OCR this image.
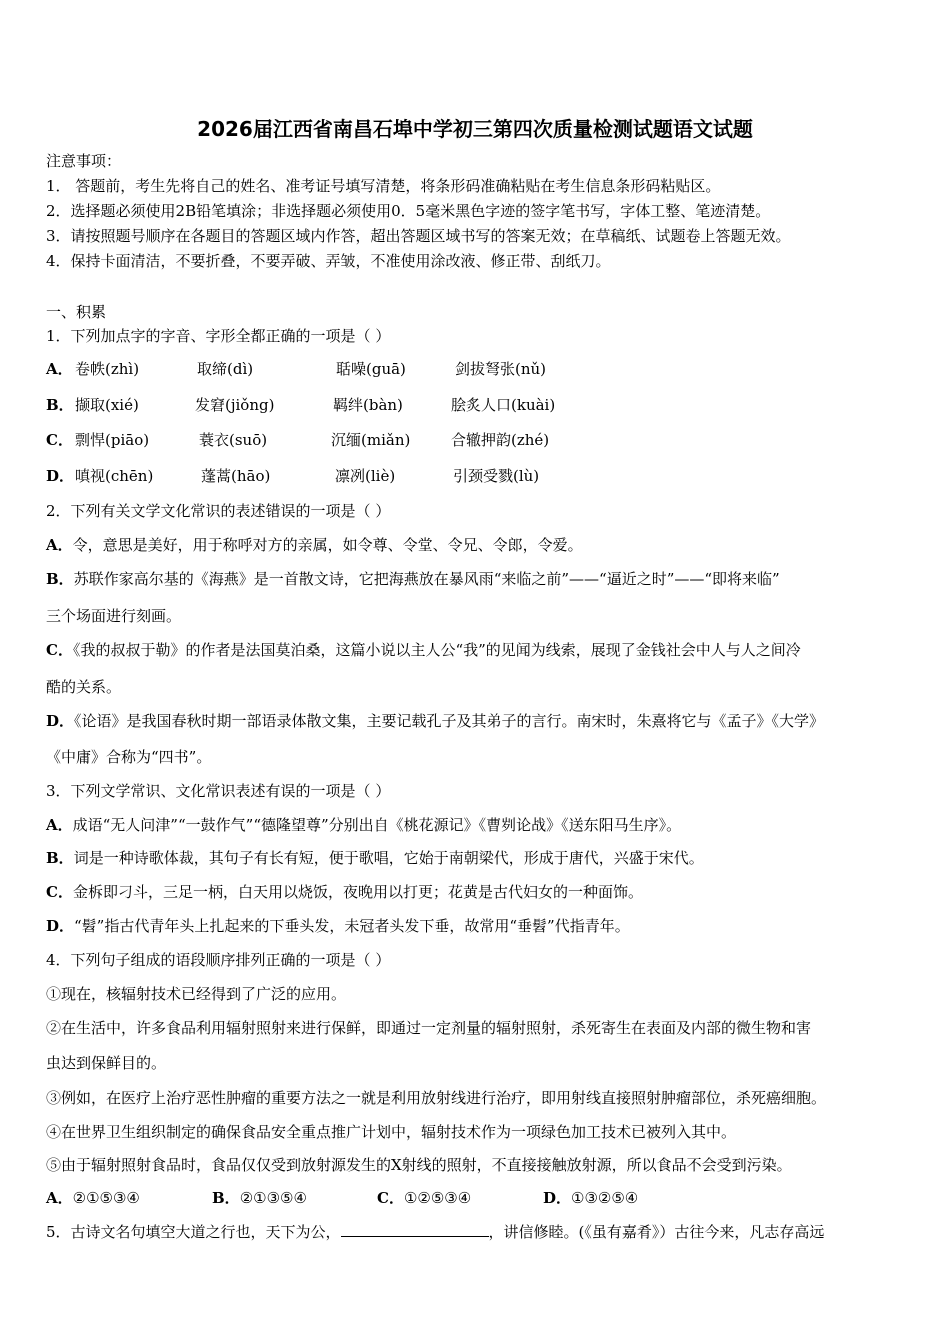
2026届江西省南昌石埠中学初三第四次质量检测试题语文试题
注意事项：
1． 答题前，考生先将自己的姓名、准考证号填写清楚，将条形码准确粘贴在考生信息条形码粘贴区。
2．选择题必须使用2B铅笔填涂；非选择题必须使用0．5毫米黑色字迹的签字笔书写，字体工整、笔迹清楚。
3．请按照题号顺序在各题目的答题区域内作答，超出答题区域书写的答案无效；在草稿纸、试题卷上答题无效。
4．保持卡面清洁，不要折叠，不要弄破、弄皱，不准使用涂改液、修正带、刮纸刀。
一、积累
1．下列加点字的字音、字形全都正确的一项是（ ）
A． 卷帙(zhì)	取缔(dì)	聒噪(guā)	剑拔弩张(nǔ)
B． 撷取(xié)	发窘(jiǒng)	羁绊(bàn)	脍炙人口(kuài)
C． 剽悍(piāo)	蓑衣(suō)	沉缅(miǎn)	合辙押韵(zhé)
D． 嗔视(chēn)	蓬蒿(hāo)	凛冽(liè)	引颈受戮(lù)
2．下列有关文学文化常识的表述错误的一项是（ ）
A．令，意思是美好，用于称呼对方的亲属，如令尊、令堂、令兄、令郎，令爱。
B．苏联作家高尔基的《海燕》是一首散文诗，它把海燕放在暴风雨“来临之前”——“逼近之时”——“即将来临”
三个场面进行刻画。
C．《我的叔叔于勒》的作者是法国莫泊桑，这篇小说以主人公“我”的见闻为线索，展现了金钱社会中人与人之间冷
酷的关系。
D．《论语》是我国春秋时期一部语录体散文集，主要记载孔子及其弟子的言行。南宋时，朱熹将它与《孟子》《大学》
《中庸》合称为“四书”。
3．下列文学常识、文化常识表述有误的一项是（ ）
A．成语“无人问津”“一鼓作气”“德隆望尊”分别出自《桃花源记》《曹刿论战》《送东阳马生序》。
B．词是一种诗歌体裁，其句子有长有短，便于歌唱，它始于南朝梁代，形成于唐代，兴盛于宋代。
C．金柝即刁斗，三足一柄，白天用以烧饭，夜晚用以打更；花黄是古代妇女的一种面饰。
D．“髫”指古代青年头上扎起来的下垂头发，未冠者头发下垂，故常用“垂髫”代指青年。
4．下列句子组成的语段顺序排列正确的一项是（ ）
①现在，核辐射技术已经得到了广泛的应用。
②在生活中，许多食品利用辐射照射来进行保鲜，即通过一定剂量的辐射照射，杀死寄生在表面及内部的微生物和害
虫达到保鲜目的。
③例如，在医疗上治疗恶性肿瘤的重要方法之一就是利用放射线进行治疗，即用射线直接照射肿瘤部位，杀死癌细胞。
④在世界卫生组织制定的确保食品安全重点推广计划中，辐射技术作为一项绿色加工技术已被列入其中。
⑤由于辐射照射食品时，食品仅仅受到放射源发生的X射线的照射，不直接接触放射源，所以食品不会受到污染。
A．②①⑤③④	B．②①③⑤④	C．①②⑤③④	D．①③②⑤④
5．古诗文名句填空大道之行也，天下为公，	，讲信修睦。(《虽有嘉肴》）古往今来，凡志存高远
